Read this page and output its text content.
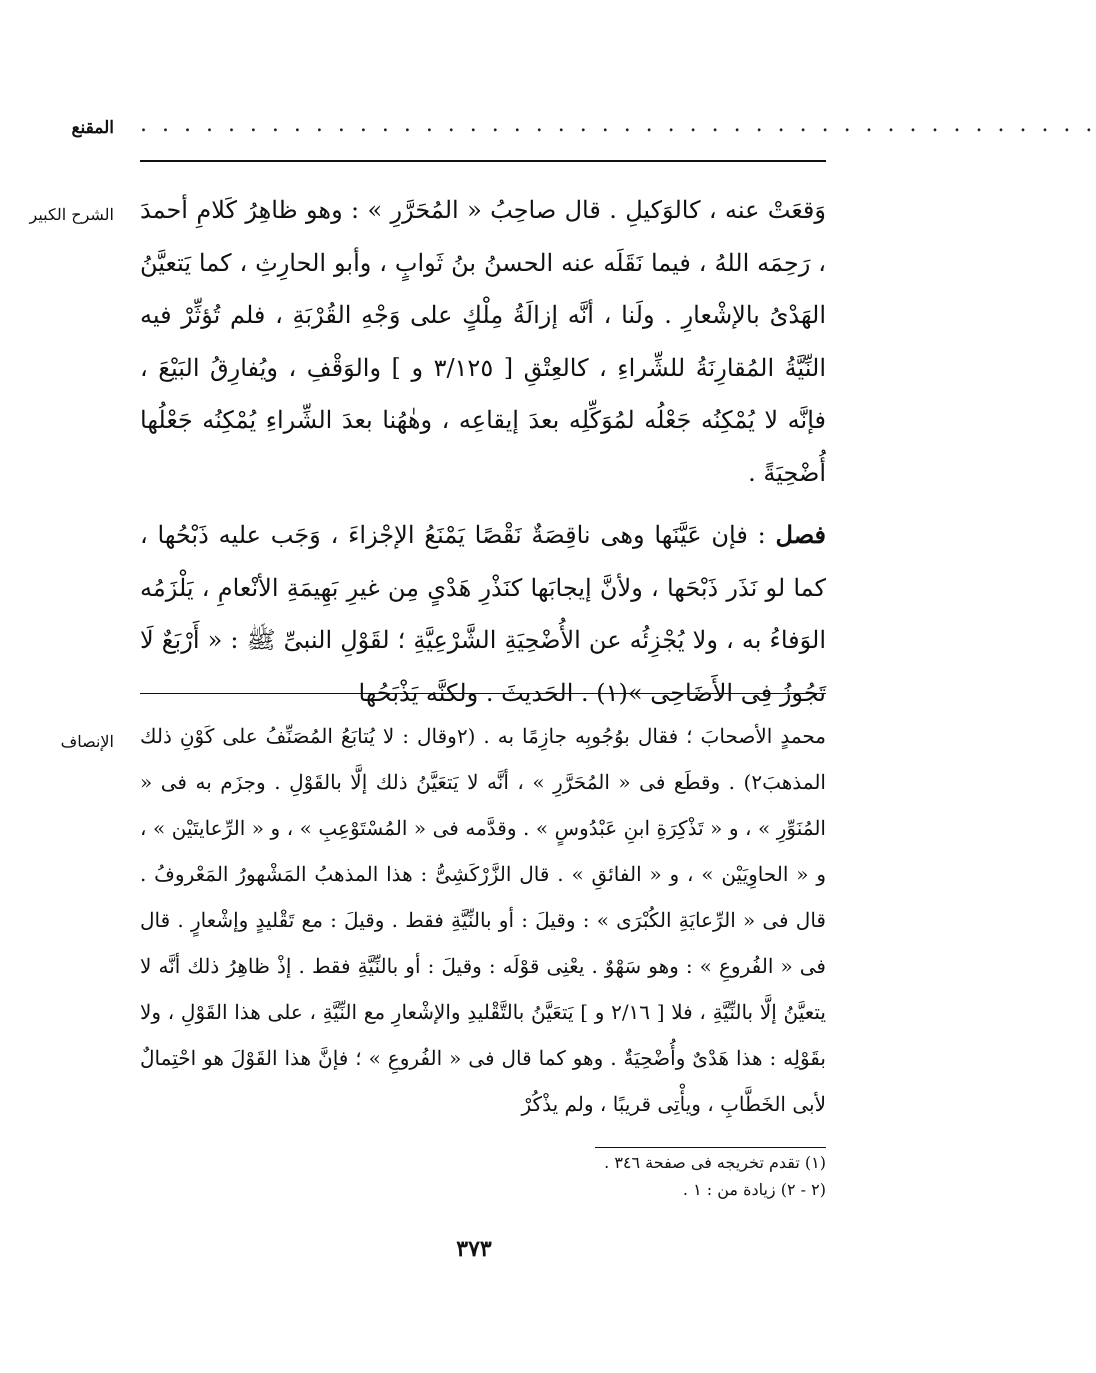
المقنع . . . . . . . . . . . . . . . . . . . . . . . . . . . . . . . . . . . . . . . . . . . .
الشرح الكبير وَقعَتْ عنه ، كالوَكيلِ . قال صاحِبُ « المُحَرَّرِ » : وهو ظاهِرُ كَلامِ أحمدَ ، رَحِمَه اللهُ ، فيما نَقَلَه عنه الحسنُ بنُ ثَوابٍ ، وأبو الحارِثِ ، كما يَتعيَّنُ الهَدْىُ بالإشْعارِ . ولَنا ، أنَّه إزالَةُ مِلْكٍ على وَجْهِ القُرْبَةِ ، فلم تُؤثِّرْ فيه النِّيَّةُ المُقارِنَةُ للشِّراءِ ، كالعِتْقِ [ ٣/١٢٥ و ] والوَقْفِ ، ويُفارِقُ البَيْعَ ، فإنَّه لا يُمْكِنُه جَعْلُه لمُوَكِّلِه بعدَ إيقاعِه ، وهٰهُنا بعدَ الشِّراءِ يُمْكِنُه جَعْلُها أُضْحِيَةً .

فصل : فإن عَيَّنَها وهى ناقِصَةٌ نَقْصًا يَمْنَعُ الإجْزاءَ ، وَجَب عليه ذَبْحُها ، كما لو نَذَر ذَبْحَها ، ولأنَّ إيجابَها كنَذْرِ هَدْىٍ مِن غيرِ بَهِيمَةِ الأنْعامِ ، يَلْزَمُه الوَفاءُ به ، ولا يُجْزِئُه عن الأُضْحِيَةِ الشَّرْعِيَّةِ ؛ لقَوْلِ النبىِّ ﷺ : « أَرْبَعٌ لَا تَجُوزُ فِى الأَضَاحِى »(١) . الحَديثَ . ولكنَّه يَذْبَحُها

الإنصاف محمدٍ الأصحابَ ؛ فقال بوُجُوبِه جازِمًا به . (٢وقال : لا يُتابَعُ المُصَنِّفُ على كَوْنِ ذلك المذهبَ٢) . وقطَع فى « المُحَرَّرِ » ، أنَّه لا يَتعَيَّنُ ذلك إلَّا بالقَوْلِ . وجزَم به فى « المُنَوِّرِ » ، و « تَذْكِرَةِ ابنِ عَبْدُوسٍ » . وقدَّمه فى « المُسْتَوْعِبِ » ، و « الرِّعايتَيْن » ، و « الحاوِيَيْن » ، و « الفائقِ » . قال الزَّرْكَشِىُّ : هذا المذهبُ المَشْهورُ المَعْروفُ . قال فى « الرِّعايَةِ الكُبْرَى » : وقيلَ : أو بالنِّيَّةِ فقط . وقيلَ : مع تَقْليدٍ وإشْعارٍ . قال فى « الفُروعِ » : وهو سَهْوٌ . يعْنِى قوْلَه : وقيلَ : أو بالنِّيَّةِ فقط . إذْ ظاهِرُ ذلك أنَّه لا يتعيَّنُ إلَّا بالنِّيَّةِ ، فلا [ ٢/١٦ و ] يَتعَيَّنُ بالتَّقْليدِ والإشْعارِ مع النِّيَّةِ ، على هذا القَوْلِ ، ولا بقَوْلِه : هذا هَدْىٌ وأُضْحِيَةٌ . وهو كما قال فى « الفُروعِ » ؛ فإنَّ هذا القَوْلَ هو احْتِمالٌ لأبى الخَطَّابِ ، ويأْتِى قريبًا ، ولم يذْكُرْ

(١) تقدم تخريجه فى صفحة ٣٤٦ .
(٢ - ٢) زيادة من : ١ .
٣٧٣
